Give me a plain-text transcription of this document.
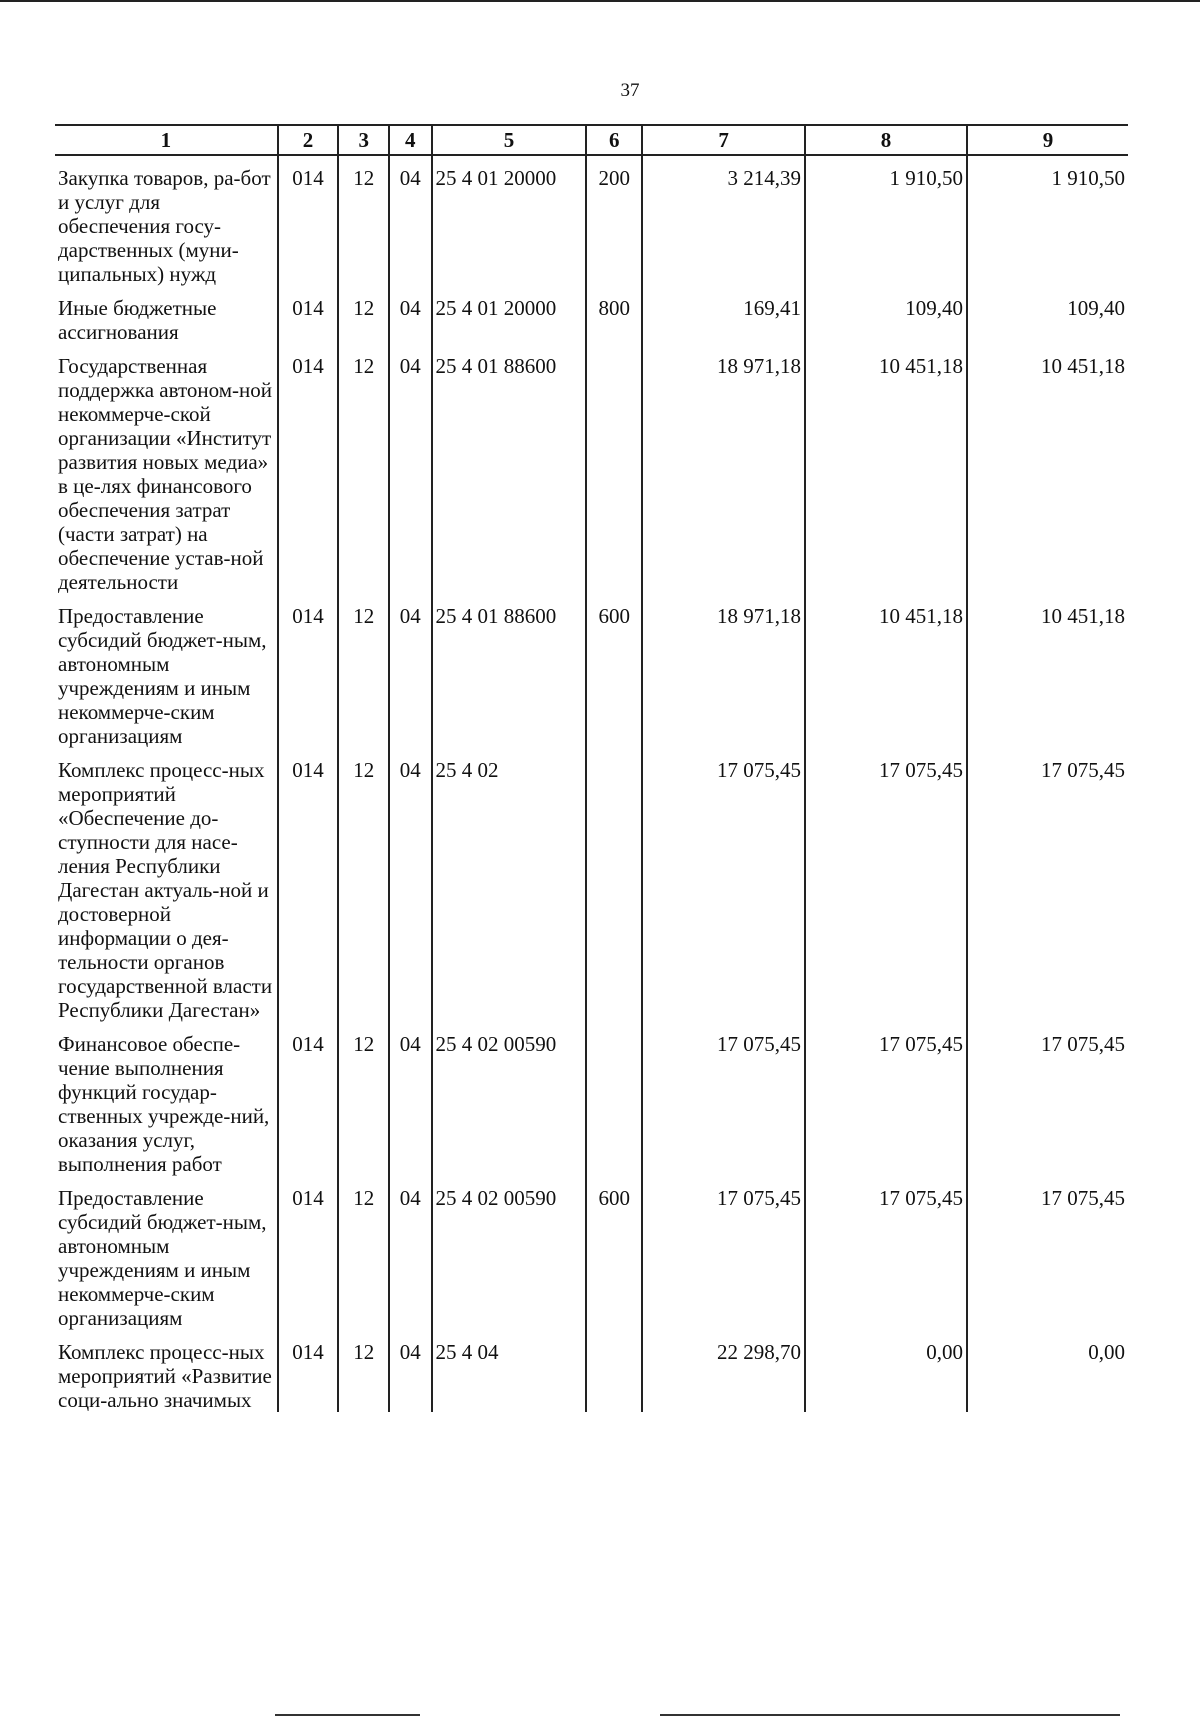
37
1	2	3	4	5	6	7	8	9
Закупка товаров, ра-бот и услуг для обеспечения госу-дарственных (муни-ципальных) нужд	014	12	04	25 4 01 20000	200	3 214,39	1 910,50	1 910,50
Иные бюджетные ассигнования	014	12	04	25 4 01 20000	800	169,41	109,40	109,40
Государственная поддержка автоном-ной некоммерче-ской организации «Институт развития новых медиа» в це-лях финансового обеспечения затрат (части затрат) на обеспечение устав-ной деятельности	014	12	04	25 4 01 88600		18 971,18	10 451,18	10 451,18
Предоставление субсидий бюджет-ным, автономным учреждениям и иным некоммерче-ским организациям	014	12	04	25 4 01 88600	600	18 971,18	10 451,18	10 451,18
Комплекс процесс-ных мероприятий «Обеспечение до-ступности для насе-ления Республики Дагестан актуаль-ной и достоверной информации о дея-тельности органов государственной власти Республики Дагестан»	014	12	04	25 4 02		17 075,45	17 075,45	17 075,45
Финансовое обеспе-чение выполнения функций государ-ственных учрежде-ний, оказания услуг, выполнения работ	014	12	04	25 4 02 00590		17 075,45	17 075,45	17 075,45
Предоставление субсидий бюджет-ным, автономным учреждениям и иным некоммерче-ским организациям	014	12	04	25 4 02 00590	600	17 075,45	17 075,45	17 075,45
Комплекс процесс-ных мероприятий «Развитие соци-ально значимых	014	12	04	25 4 04		22 298,70	0,00	0,00
